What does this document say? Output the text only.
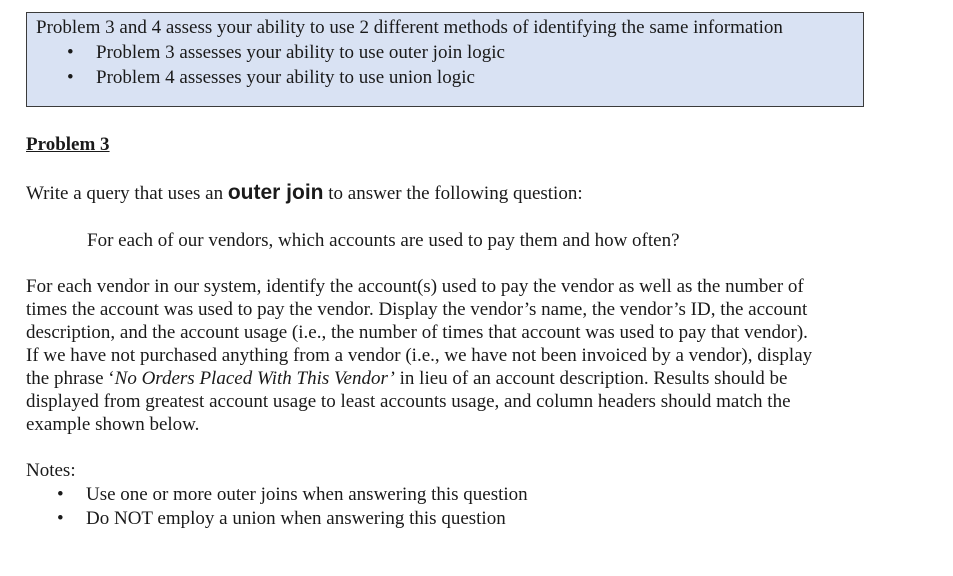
Problem 3 and 4 assess your ability to use 2 different methods of identifying the same information
• Problem 3 assesses your ability to use outer join logic
• Problem 4 assesses your ability to use union logic
Problem 3
Write a query that uses an outer join to answer the following question:
For each of our vendors, which accounts are used to pay them and how often?
For each vendor in our system, identify the account(s) used to pay the vendor as well as the number of
times the account was used to pay the vendor. Display the vendor’s name, the vendor’s ID, the account
description, and the account usage (i.e., the number of times that account was used to pay that vendor).
If we have not purchased anything from a vendor (i.e., we have not been invoiced by a vendor), display
the phrase ‘No Orders Placed With This Vendor’ in lieu of an account description. Results should be
displayed from greatest account usage to least accounts usage, and column headers should match the
example shown below.
Notes:
• Use one or more outer joins when answering this question
• Do NOT employ a union when answering this question
